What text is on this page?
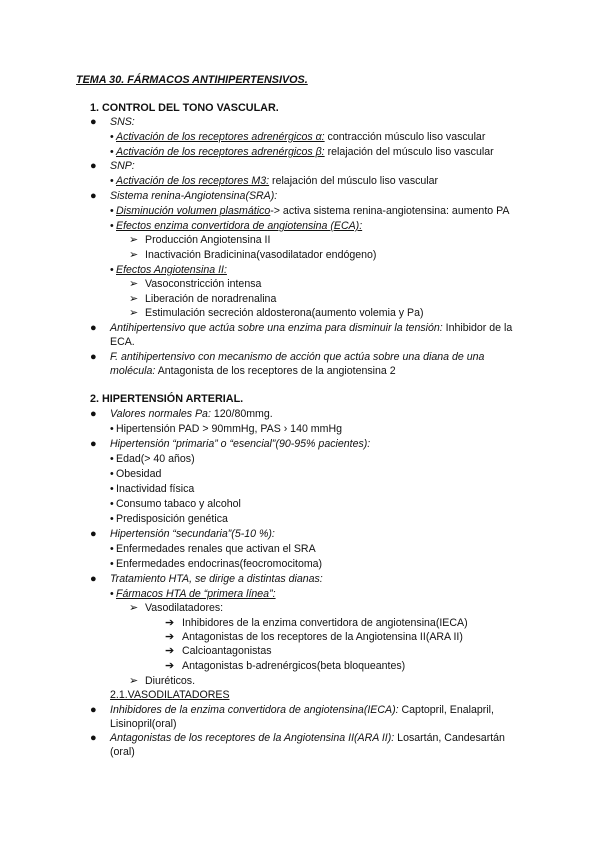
TEMA 30. FÁRMACOS ANTIHIPERTENSIVOS.
1. CONTROL DEL TONO VASCULAR.
● SNS:
• Activación de los receptores adrenérgicos α: contracción músculo liso vascular
• Activación de los receptores adrenérgicos β: relajación del músculo liso vascular
● SNP:
• Activación de los receptores M3: relajación del músculo liso vascular
● Sistema renina-Angiotensina(SRA):
• Disminución volumen plasmático-> activa sistema renina-angiotensina: aumento PA
• Efectos enzima convertidora de angiotensina (ECA):
➢ Producción Angiotensina II
➢ Inactivación Bradicinina(vasodilatador endógeno)
• Efectos Angiotensina II:
➢ Vasoconstricción intensa
➢ Liberación de noradrenalina
➢ Estimulación secreción aldosterona(aumento volemia y Pa)
● Antihipertensivo que actúa sobre una enzima para disminuir la tensión: Inhibidor de la ECA.
● F. antihipertensivo con mecanismo de acción que actúa sobre una diana de una molécula: Antagonista de los receptores de la angiotensina 2
2. HIPERTENSIÓN ARTERIAL.
● Valores normales Pa: 120/80mmg.
• Hipertensión PAD > 90mmHg, PAS › 140 mmHg
● Hipertensión “primaria” o “esencial”(90-95% pacientes):
• Edad(> 40 años)
• Obesidad
• Inactividad física
• Consumo tabaco y alcohol
• Predisposición genética
● Hipertensión “secundaria”(5-10 %):
• Enfermedades renales que activan el SRA
• Enfermedades endocrinas(feocromocitoma)
● Tratamiento HTA, se dirige a distintas dianas:
• Fármacos HTA de “primera línea”:
➢ Vasodilatadores:
➔ Inhibidores de la enzima convertidora de angiotensina(IECA)
➔ Antagonistas de los receptores de la Angiotensina II(ARA II)
➔ Calcioantagonistas
➔ Antagonistas b-adrenérgicos(beta bloqueantes)
➢ Diuréticos.
2.1.VASODILATADORES
● Inhibidores de la enzima convertidora de angiotensina(IECA): Captopril, Enalapril, Lisinopril(oral)
● Antagonistas de los receptores de la Angiotensina II(ARA II): Losartán, Candesartán (oral)
